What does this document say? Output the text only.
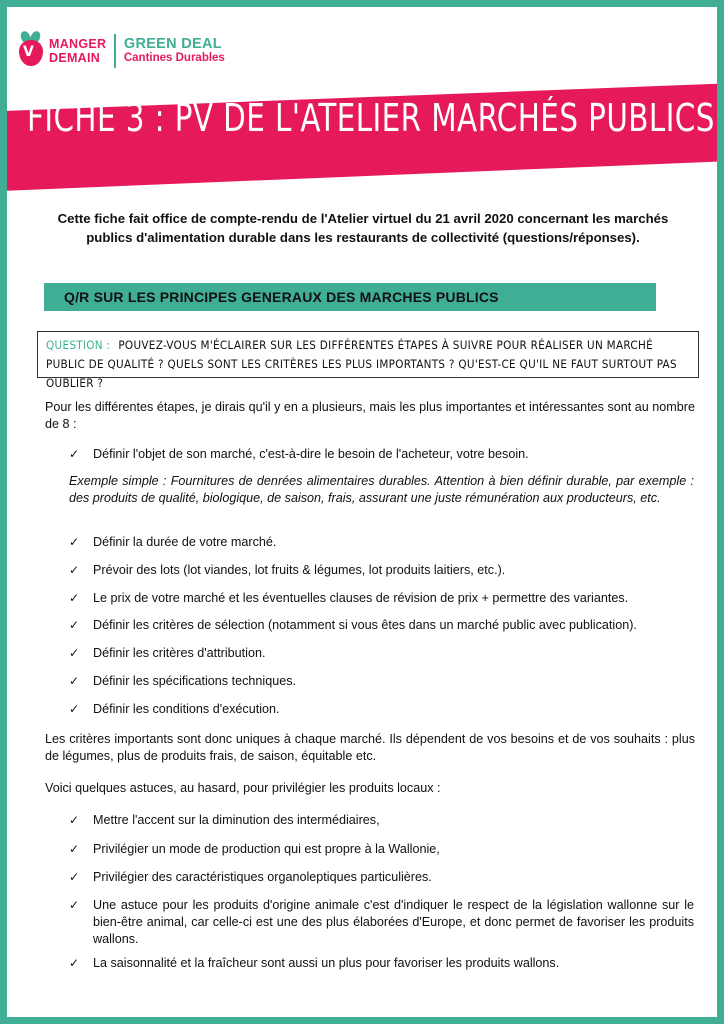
V MANGER
DEMAIN
GREEN DEAL
Cantines Durables
FICHE 3 : PV DE L'ATELIER MARCHÉS PUBLICS
Cette fiche fait office de compte-rendu de l'Atelier virtuel du 21 avril 2020 concernant les marchés publics d'alimentation durable dans les restaurants de collectivité (questions/réponses).
Q/R SUR LES PRINCIPES GENERAUX DES MARCHES PUBLICS
QUESTION : POUVEZ-VOUS M'ÉCLAIRER SUR LES DIFFÉRENTES ÉTAPES À SUIVRE POUR RÉALISER UN MARCHÉ PUBLIC DE QUALITÉ ? QUELS SONT LES CRITÈRES LES PLUS IMPORTANTS ? QU'EST-CE QU'IL NE FAUT SURTOUT PAS OUBLIER ?
Pour les différentes étapes, je dirais qu'il y en a plusieurs, mais les plus importantes et intéressantes sont au nombre de 8 :
✓ Définir l'objet de son marché, c'est-à-dire le besoin de l'acheteur, votre besoin.
Exemple simple : Fournitures de denrées alimentaires durables. Attention à bien définir durable, par exemple : des produits de qualité, biologique, de saison, frais, assurant une juste rémunération aux producteurs, etc.
✓ Définir la durée de votre marché.
✓ Prévoir des lots (lot viandes, lot fruits & légumes, lot produits laitiers, etc.).
✓ Le prix de votre marché et les éventuelles clauses de révision de prix + permettre des variantes.
✓ Définir les critères de sélection (notamment si vous êtes dans un marché public avec publication).
✓ Définir les critères d'attribution.
✓ Définir les spécifications techniques.
✓ Définir les conditions d'exécution.
Les critères importants sont donc uniques à chaque marché. Ils dépendent de vos besoins et de vos souhaits : plus de légumes, plus de produits frais, de saison, équitable etc.
Voici quelques astuces, au hasard, pour privilégier les produits locaux :
✓ Mettre l'accent sur la diminution des intermédiaires,
✓ Privilégier un mode de production qui est propre à la Wallonie,
✓ Privilégier des caractéristiques organoleptiques particulières.
✓ Une astuce pour les produits d'origine animale c'est d'indiquer le respect de la législation wallonne sur le bien-être animal, car celle-ci est une des plus élaborées d'Europe, et donc permet de favoriser les produits wallons.
✓ La saisonnalité et la fraîcheur sont aussi un plus pour favoriser les produits wallons.
